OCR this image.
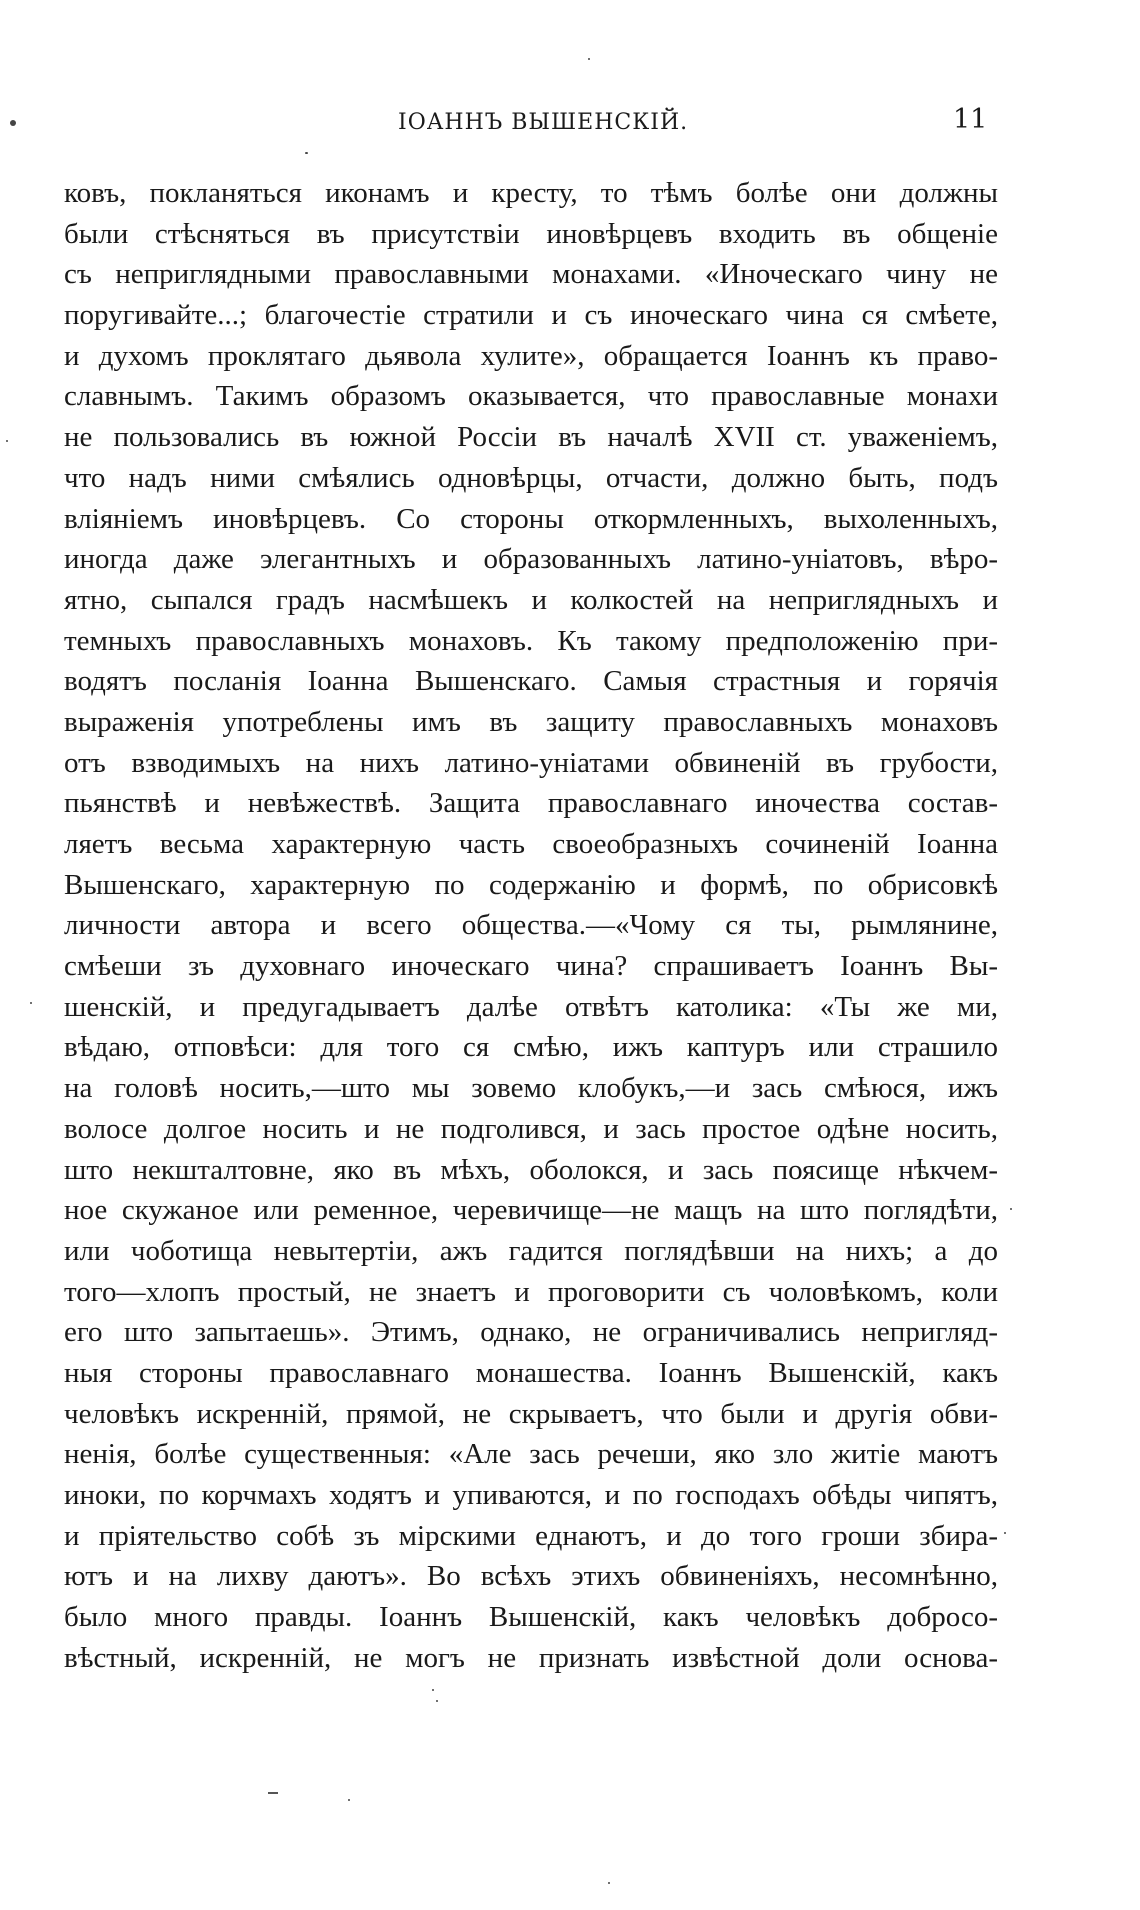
IOАННЪ ВЫШЕНСКІЙ.	11
ковъ, покланяться иконамъ и кресту, то тѣмъ болѣе они должны
были стѣсняться въ присутствіи иновѣрцевъ входить въ общеніе
съ неприглядными православными монахами. «Иноческаго чину не
поругивайте...; благочестіе стратили и съ иноческаго чина ся смѣете,
и духомъ проклятаго дьявола хулите», обращается Іоаннъ къ право-
славнымъ. Такимъ образомъ оказывается, что православные монахи
не пользовались въ южной Россіи въ началѣ XVII ст. уваженіемъ,
что надъ ними смѣялись одновѣрцы, отчасти, должно быть, подъ
вліяніемъ иновѣрцевъ. Со стороны откормленныхъ, выхоленныхъ,
иногда даже элегантныхъ и образованныхъ латино-уніатовъ, вѣро-
ятно, сыпался градъ насмѣшекъ и колкостей на неприглядныхъ и
темныхъ православныхъ монаховъ. Къ такому предположенію при-
водятъ посланія Іоанна Вышенскаго. Самыя страстныя и горячія
выраженія употреблены имъ въ защиту православныхъ монаховъ
отъ взводимыхъ на нихъ латино-уніатами обвиненій въ грубости,
пьянствѣ и невѣжествѣ. Защита православнаго иночества состав-
ляетъ весьма характерную часть своеобразныхъ сочиненій Іоанна
Вышенскаго, характерную по содержанію и формѣ, по обрисовкѣ
личности автора и всего общества.—«Чому ся ты, рымлянине,
смѣеши зъ духовнаго иноческаго чина? спрашиваетъ Іоаннъ Вы-
шенскій, и предугадываетъ далѣе отвѣтъ католика: «Ты же ми,
вѣдаю, отповѣси: для того ся смѣю, ижъ каптуръ или страшило
на головѣ носить,—што мы зовемо клобукъ,—и зась смѣюся, ижъ
волосе долгое носить и не подголився, и зась простое одѣне носить,
што некшталтовне, яко въ мѣхъ, оболокся, и зась поясище нѣкчем-
ное скужаное или ременное, черевичище—не мащъ на што поглядѣти,
или чоботища невытертіи, ажъ гадится поглядѣвши на нихъ; а до
того—хлопъ простый, не знаетъ и проговорити съ чоловѣкомъ, коли
его што запытаешь». Этимъ, однако, не ограничивались непригляд-
ныя стороны православнаго монашества. Іоаннъ Вышенскій, какъ
человѣкъ искренній, прямой, не скрываетъ, что были и другія обви-
ненія, болѣе существенныя: «Але зась речеши, яко зло житіе маютъ
иноки, по корчмахъ ходятъ и упиваются, и по господахъ обѣды чипятъ,
и пріятельство собѣ зъ мірскими еднаютъ, и до того гроши збира-
ютъ и на лихву даютъ». Во всѣхъ этихъ обвиненіяхъ, несомнѣнно,
было много правды. Іоаннъ Вышенскій, какъ человѣкъ добросо-
вѣстный, искренній, не могъ не признать извѣстной доли основа-
